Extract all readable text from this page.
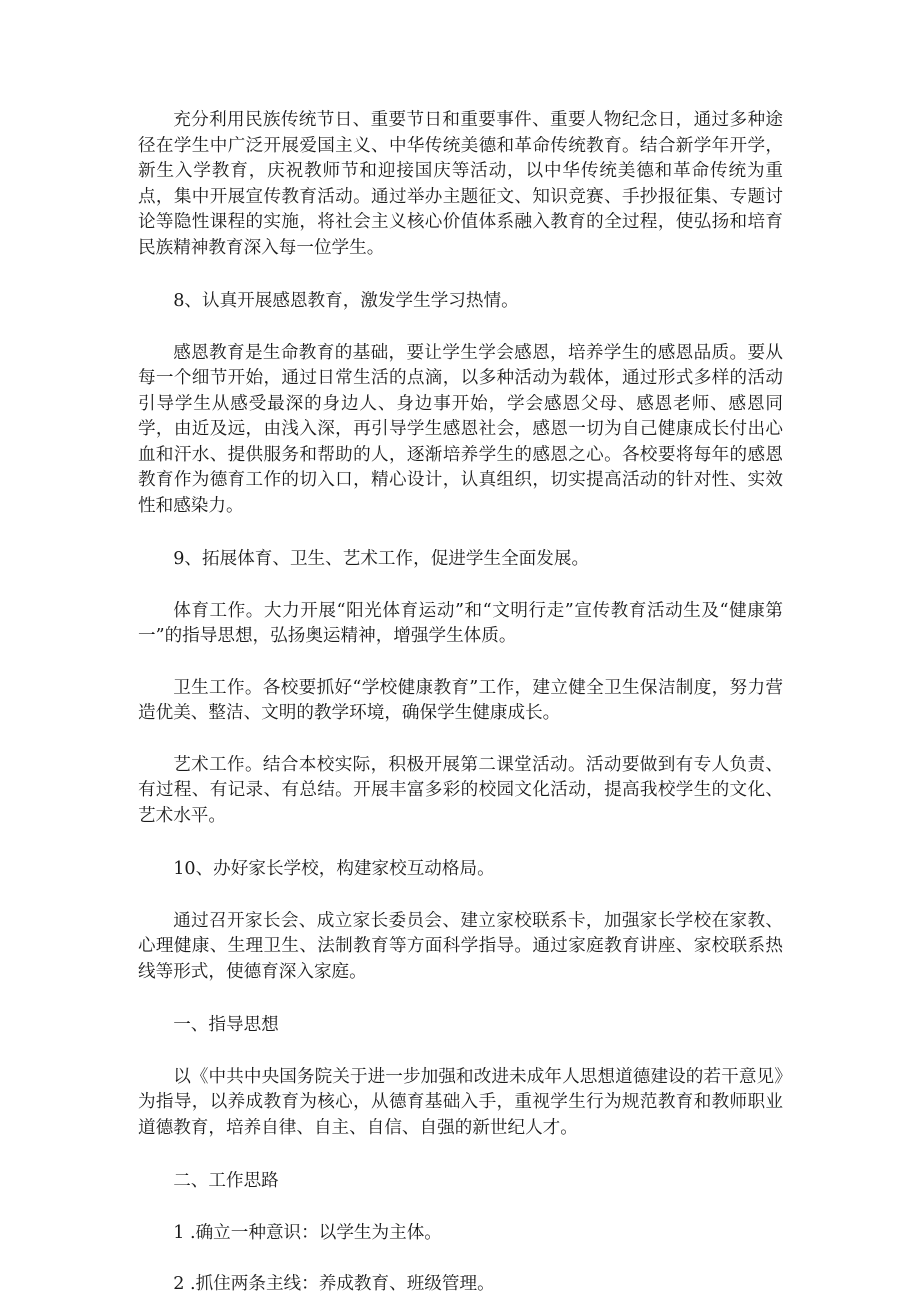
充分利用民族传统节日、重要节日和重要事件、重要人物纪念日，通过多种途径在学生中广泛开展爱国主义、中华传统美德和革命传统教育。结合新学年开学，新生入学教育，庆祝教师节和迎接国庆等活动，以中华传统美德和革命传统为重点，集中开展宣传教育活动。通过举办主题征文、知识竞赛、手抄报征集、专题讨论等隐性课程的实施，将社会主义核心价值体系融入教育的全过程，使弘扬和培育民族精神教育深入每一位学生。

8、认真开展感恩教育，激发学生学习热情。

感恩教育是生命教育的基础，要让学生学会感恩，培养学生的感恩品质。要从每一个细节开始，通过日常生活的点滴，以多种活动为载体，通过形式多样的活动引导学生从感受最深的身边人、身边事开始，学会感恩父母、感恩老师、感恩同学，由近及远，由浅入深，再引导学生感恩社会，感恩一切为自己健康成长付出心血和汗水、提供服务和帮助的人，逐渐培养学生的感恩之心。各校要将每年的感恩教育作为德育工作的切入口，精心设计，认真组织，切实提高活动的针对性、实效性和感染力。

9、拓展体育、卫生、艺术工作，促进学生全面发展。

体育工作。大力开展“阳光体育运动”和“文明行走”宣传教育活动生及“健康第一”的指导思想，弘扬奥运精神，增强学生体质。

卫生工作。各校要抓好“学校健康教育”工作，建立健全卫生保洁制度，努力营造优美、整洁、文明的教学环境，确保学生健康成长。

艺术工作。结合本校实际，积极开展第二课堂活动。活动要做到有专人负责、有过程、有记录、有总结。开展丰富多彩的校园文化活动，提高我校学生的文化、艺术水平。

10、办好家长学校，构建家校互动格局。

通过召开家长会、成立家长委员会、建立家校联系卡，加强家长学校在家教、心理健康、生理卫生、法制教育等方面科学指导。通过家庭教育讲座、家校联系热线等形式，使德育深入家庭。

一、指导思想

以《中共中央国务院关于进一步加强和改进未成年人思想道德建设的若干意见》为指导，以养成教育为核心，从德育基础入手，重视学生行为规范教育和教师职业道德教育，培养自律、自主、自信、自强的新世纪人才。

二、工作思路

1 .确立一种意识：以学生为主体。

2 .抓住两条主线：养成教育、班级管理。
